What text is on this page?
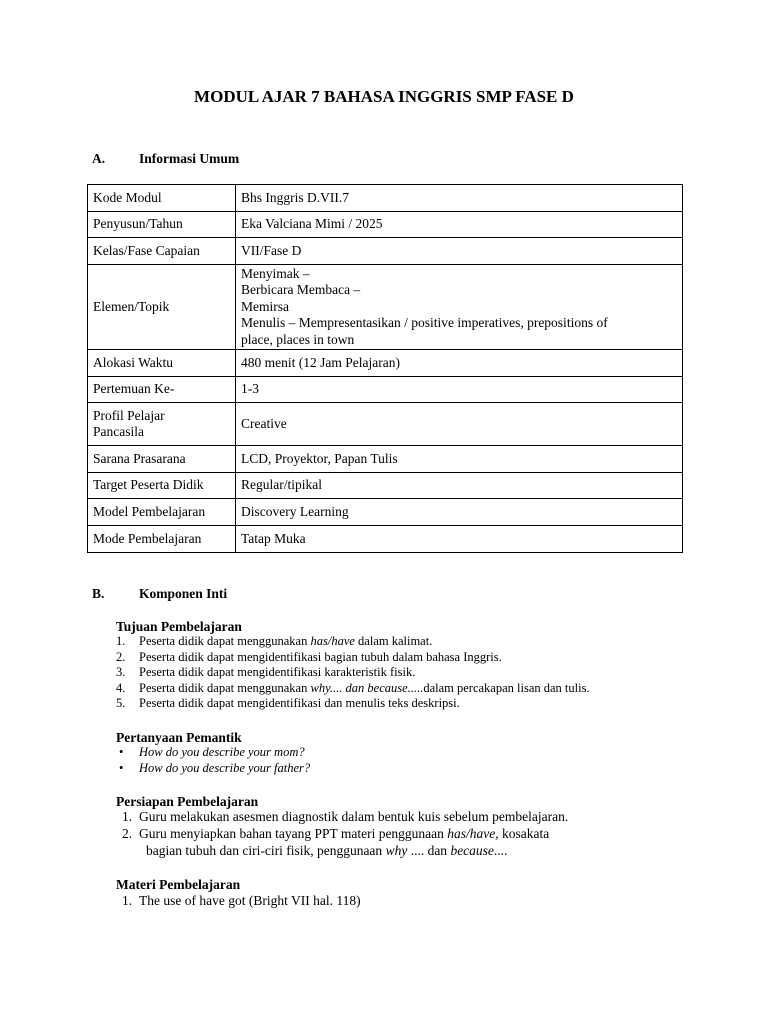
MODUL AJAR 7 BAHASA INGGRIS SMP FASE D
A.	Informasi Umum
Kode Modul	Bhs Inggris D.VII.7

Penyusun/Tahun	Eka Valciana Mimi / 2025

Kelas/Fase Capaian	VII/Fase D

Elemen/Topik	Menyimak –
Berbicara Membaca –
Memirsa
Menulis – Mempresentasikan / positive imperatives, prepositions of
place, places in town

Alokasi Waktu	480 menit (12 Jam Pelajaran)

Pertemuan Ke-	1-3

Profil Pelajar
Pancasila	Creative

Sarana Prasarana	LCD, Proyektor, Papan Tulis

Target Peserta Didik	Regular/tipikal

Model Pembelajaran	Discovery Learning

Mode Pembelajaran	Tatap Muka
B.	Komponen Inti
Tujuan Pembelajaran
1. Peserta didik dapat menggunakan has/have dalam kalimat.
2. Peserta didik dapat mengidentifikasi bagian tubuh dalam bahasa Inggris.
3. Peserta didik dapat mengidentifikasi karakteristik fisik.
4. Peserta didik dapat menggunakan why.... dan because.....dalam percakapan lisan dan tulis.
5. Peserta didik dapat mengidentifikasi dan menulis teks deskripsi.
Pertanyaan Pemantik
• How do you describe your mom?
• How do you describe your father?
Persiapan Pembelajaran
1. Guru melakukan asesmen diagnostik dalam bentuk kuis sebelum pembelajaran.
2. Guru menyiapkan bahan tayang PPT materi penggunaan has/have, kosakata
bagian tubuh dan ciri-ciri fisik, penggunaan why .... dan because....
Materi Pembelajaran
1. The use of have got (Bright VII hal. 118)
